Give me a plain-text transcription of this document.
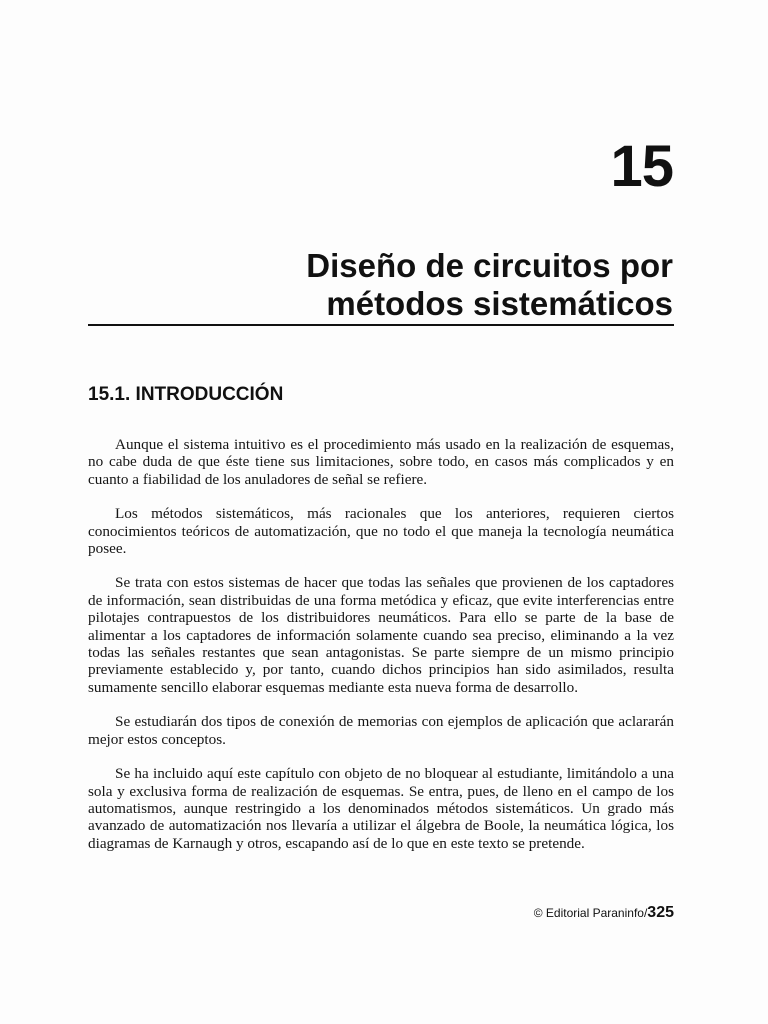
15
Diseño de circuitos por
métodos sistemáticos
15.1. INTRODUCCIÓN

Aunque el sistema intuitivo es el procedimiento más usado en la realización de esquemas, no cabe duda de que éste tiene sus limitaciones, sobre todo, en casos más complicados y en cuanto a fiabilidad de los anuladores de señal se refiere.

Los métodos sistemáticos, más racionales que los anteriores, requieren ciertos conocimientos teóricos de automatización, que no todo el que maneja la tecnología neumática posee.

Se trata con estos sistemas de hacer que todas las señales que provienen de los captadores de información, sean distribuidas de una forma metódica y eficaz, que evite interferencias entre pilotajes contrapuestos de los distribuidores neumáticos. Para ello se parte de la base de alimentar a los captadores de información solamente cuando sea preciso, eliminando a la vez todas las señales restantes que sean antagonistas. Se parte siempre de un mismo principio previamente establecido y, por tanto, cuando dichos principios han sido asimilados, resulta sumamente sencillo elaborar esquemas mediante esta nueva forma de desarrollo.

Se estudiarán dos tipos de conexión de memorias con ejemplos de aplicación que aclararán mejor estos conceptos.

Se ha incluido aquí este capítulo con objeto de no bloquear al estudiante, limitándolo a una sola y exclusiva forma de realización de esquemas. Se entra, pues, de lleno en el campo de los automatismos, aunque restringido a los denominados métodos sistemáticos. Un grado más avanzado de automatización nos llevaría a utilizar el álgebra de Boole, la neumática lógica, los diagramas de Karnaugh y otros, escapando así de lo que en este texto se pretende.

© Editorial Paraninfo/325
